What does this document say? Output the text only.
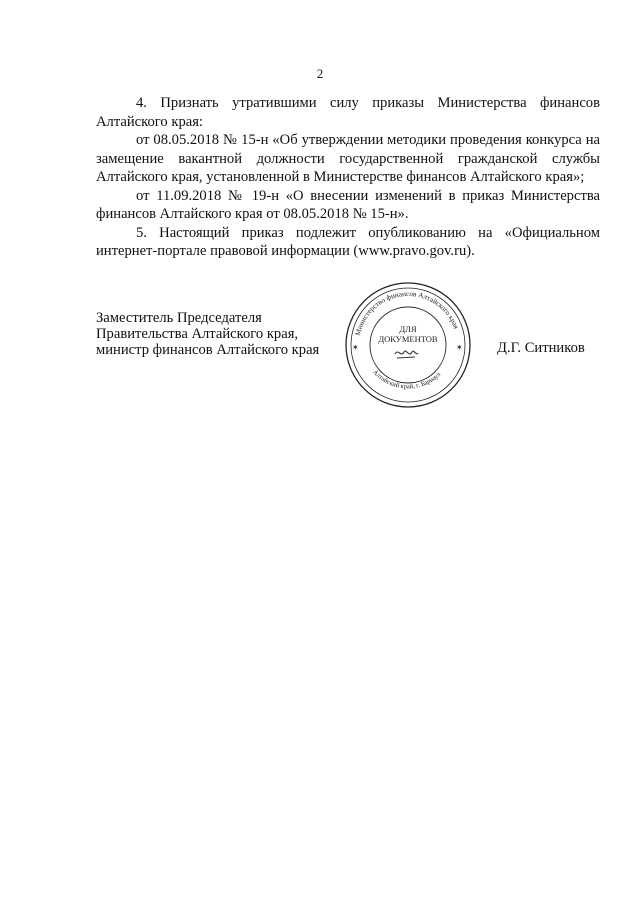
2

4. Признать утратившими силу приказы Министерства финансов Алтайского края:

от 08.05.2018 № 15-н «Об утверждении методики проведения конкурса на замещение вакантной должности государственной гражданской службы Алтайского края, установленной в Министерстве финансов Алтайского края»;

от 11.09.2018 № 19-н «О внесении изменений в приказ Министерства финансов Алтайского края от 08.05.2018 № 15-н».

5. Настоящий приказ подлежит опубликованию на «Официальном интернет-портале правовой информации (www.pravo.gov.ru).

Заместитель Председателя
Правительства Алтайского края,
министр финансов Алтайского края	Д.Г. Ситников
Министерство финансов Алтайского края
Алтайский край, г. Барнаул
✶	✶
ДЛЯ
ДОКУМЕНТОВ
